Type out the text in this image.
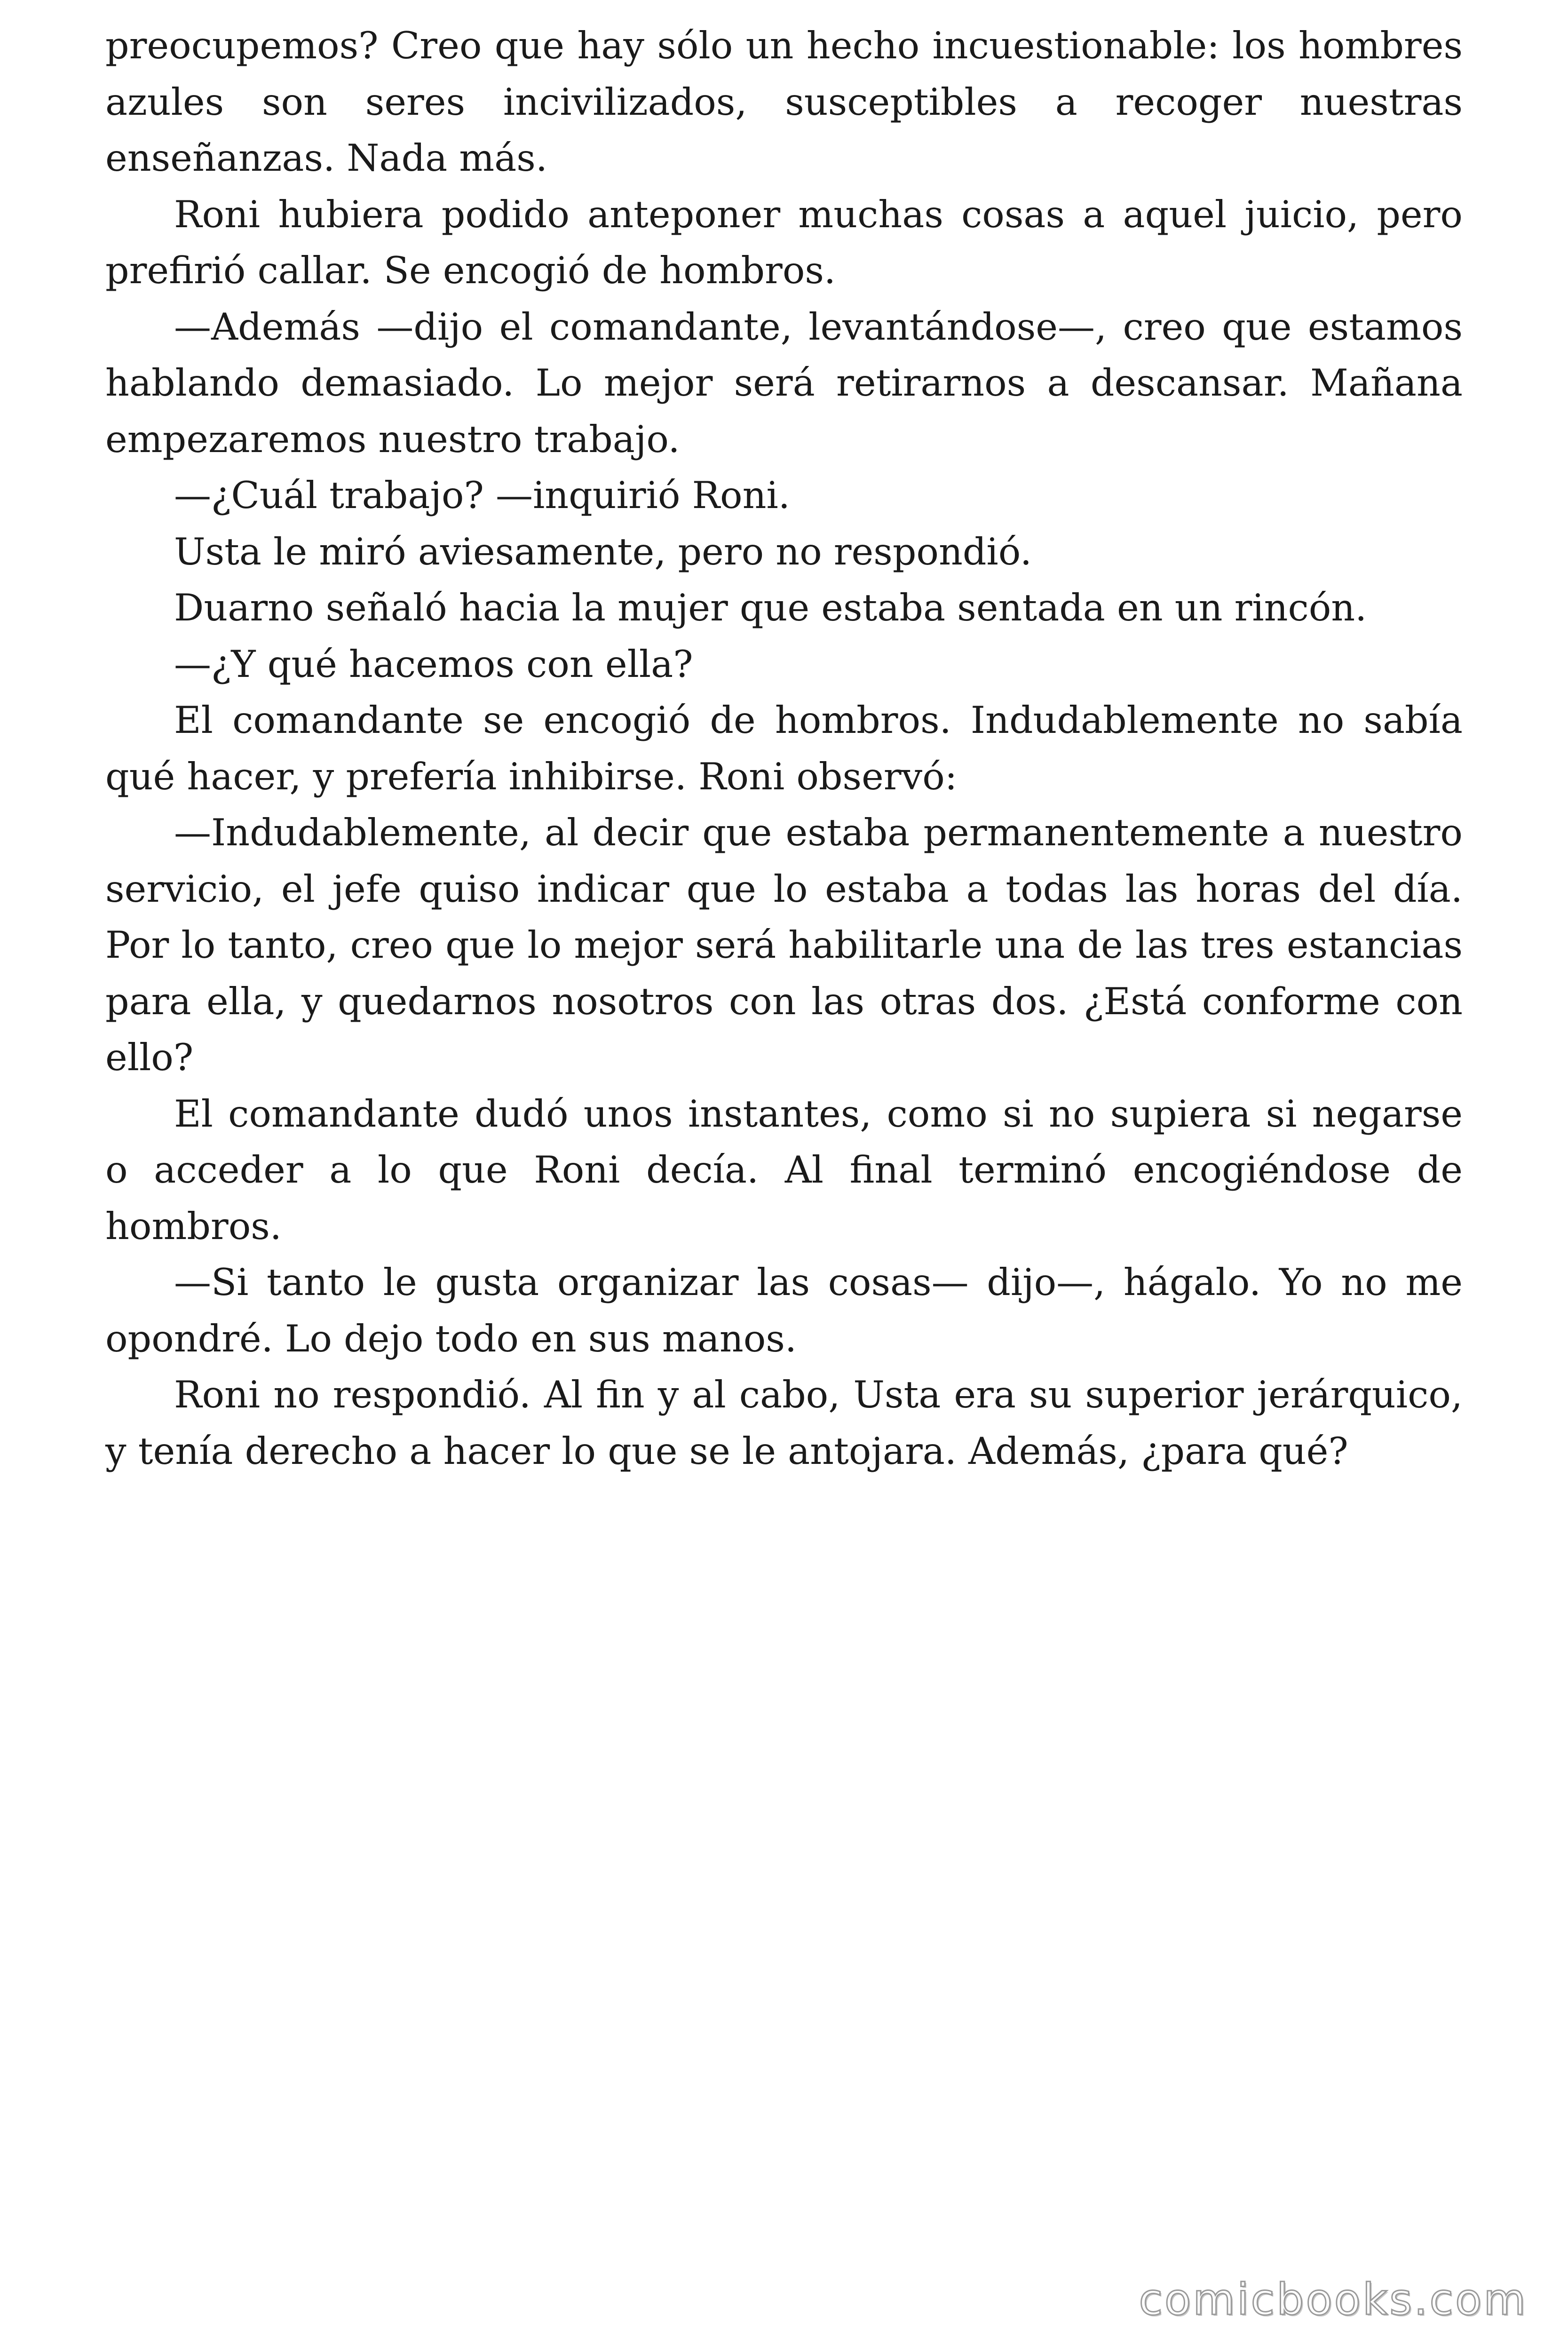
preocupemos? Creo que hay sólo un hecho incuestionable: los hombres azules son seres incivilizados, susceptibles a recoger nuestras enseñanzas. Nada más.

Roni hubiera podido anteponer muchas cosas a aquel juicio, pero prefirió callar. Se encogió de hombros.

—Además —dijo el comandante, levantándose—, creo que estamos hablando demasiado. Lo mejor será retirarnos a descansar. Mañana empezaremos nuestro trabajo.

—¿Cuál trabajo? —inquirió Roni.

Usta le miró aviesamente, pero no respondió.

Duarno señaló hacia la mujer que estaba sentada en un rincón.

—¿Y qué hacemos con ella?

El comandante se encogió de hombros. Indudablemente no sabía qué hacer, y prefería inhibirse. Roni observó:

—Indudablemente, al decir que estaba permanentemente a nuestro servicio, el jefe quiso indicar que lo estaba a todas las horas del día. Por lo tanto, creo que lo mejor será habilitarle una de las tres estancias para ella, y quedarnos nosotros con las otras dos. ¿Está conforme con ello?

El comandante dudó unos instantes, como si no supiera si negarse o acceder a lo que Roni decía. Al final terminó encogiéndose de hombros.

—Si tanto le gusta organizar las cosas— dijo—, hágalo. Yo no me opondré. Lo dejo todo en sus manos.

Roni no respondió. Al fin y al cabo, Usta era su superior jerárquico, y tenía derecho a hacer lo que se le antojara. Además, ¿para qué?

comicbooks.com
